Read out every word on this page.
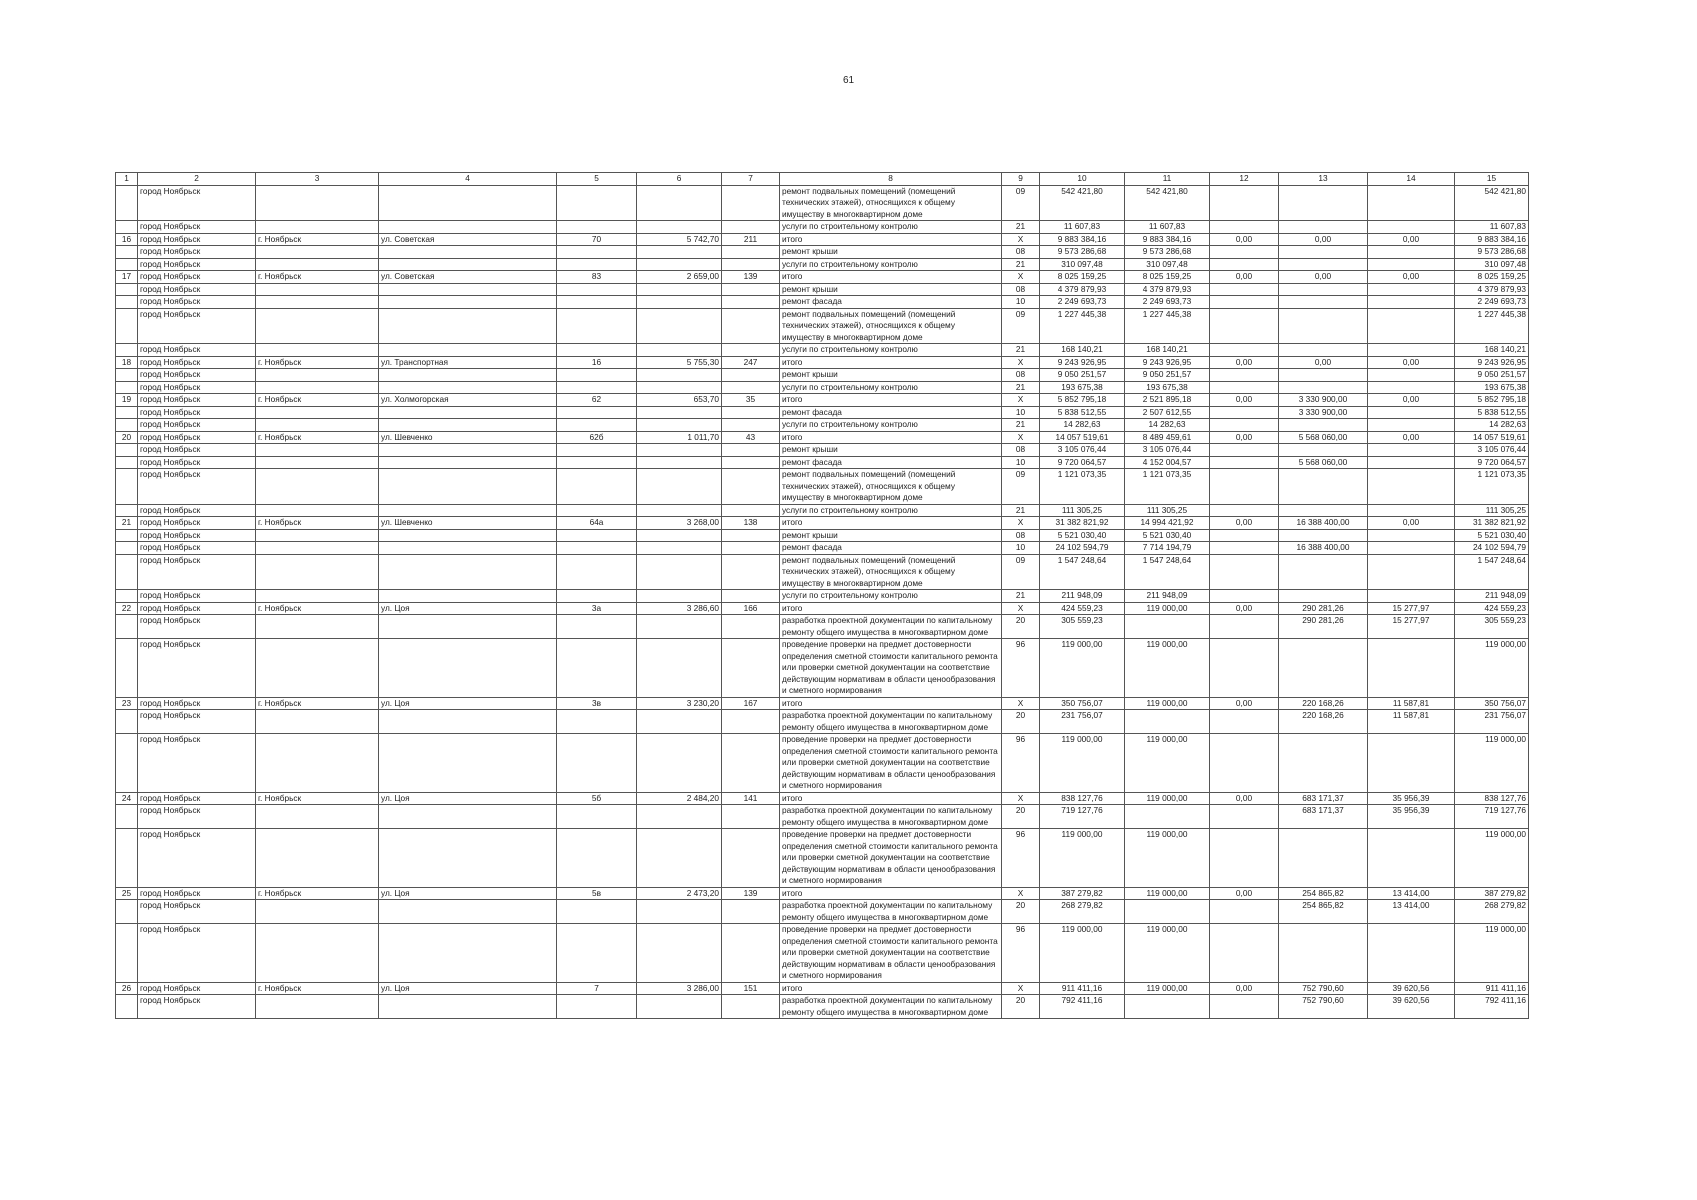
61
1	2	3	4	5	6	7	8	9	10	11	12	13	14	15
	город Ноябрьск						ремонт подвальных помещений (помещений технических этажей), относящихся к общему имуществу в многоквартирном доме	09	542 421,80	542 421,80				542 421,80
	город Ноябрьск						услуги по строительному контролю	21	11 607,83	11 607,83				11 607,83
16	город Ноябрьск	г. Ноябрьск	ул. Советская	70	5 742,70	211	итого	X	9 883 384,16	9 883 384,16	0,00	0,00	0,00	9 883 384,16
	город Ноябрьск						ремонт крыши	08	9 573 286,68	9 573 286,68				9 573 286,68
	город Ноябрьск						услуги по строительному контролю	21	310 097,48	310 097,48				310 097,48
17	город Ноябрьск	г. Ноябрьск	ул. Советская	83	2 659,00	139	итого	X	8 025 159,25	8 025 159,25	0,00	0,00	0,00	8 025 159,25
	город Ноябрьск						ремонт крыши	08	4 379 879,93	4 379 879,93				4 379 879,93
	город Ноябрьск						ремонт фасада	10	2 249 693,73	2 249 693,73				2 249 693,73
	город Ноябрьск						ремонт подвальных помещений (помещений технических этажей), относящихся к общему имуществу в многоквартирном доме	09	1 227 445,38	1 227 445,38				1 227 445,38
	город Ноябрьск						услуги по строительному контролю	21	168 140,21	168 140,21				168 140,21
18	город Ноябрьск	г. Ноябрьск	ул. Транспортная	16	5 755,30	247	итого	X	9 243 926,95	9 243 926,95	0,00	0,00	0,00	9 243 926,95
	город Ноябрьск						ремонт крыши	08	9 050 251,57	9 050 251,57				9 050 251,57
	город Ноябрьск						услуги по строительному контролю	21	193 675,38	193 675,38				193 675,38
19	город Ноябрьск	г. Ноябрьск	ул. Холмогорская	62	653,70	35	итого	X	5 852 795,18	2 521 895,18	0,00	3 330 900,00	0,00	5 852 795,18
	город Ноябрьск						ремонт фасада	10	5 838 512,55	2 507 612,55		3 330 900,00		5 838 512,55
	город Ноябрьск						услуги по строительному контролю	21	14 282,63	14 282,63				14 282,63
20	город Ноябрьск	г. Ноябрьск	ул. Шевченко	62б	1 011,70	43	итого	X	14 057 519,61	8 489 459,61	0,00	5 568 060,00	0,00	14 057 519,61
	город Ноябрьск						ремонт крыши	08	3 105 076,44	3 105 076,44				3 105 076,44
	город Ноябрьск						ремонт фасада	10	9 720 064,57	4 152 004,57		5 568 060,00		9 720 064,57
	город Ноябрьск						ремонт подвальных помещений (помещений технических этажей), относящихся к общему имуществу в многоквартирном доме	09	1 121 073,35	1 121 073,35				1 121 073,35
	город Ноябрьск						услуги по строительному контролю	21	111 305,25	111 305,25				111 305,25
21	город Ноябрьск	г. Ноябрьск	ул. Шевченко	64а	3 268,00	138	итого	X	31 382 821,92	14 994 421,92	0,00	16 388 400,00	0,00	31 382 821,92
	город Ноябрьск						ремонт крыши	08	5 521 030,40	5 521 030,40				5 521 030,40
	город Ноябрьск						ремонт фасада	10	24 102 594,79	7 714 194,79		16 388 400,00		24 102 594,79
	город Ноябрьск						ремонт подвальных помещений (помещений технических этажей), относящихся к общему имуществу в многоквартирном доме	09	1 547 248,64	1 547 248,64				1 547 248,64
	город Ноябрьск						услуги по строительному контролю	21	211 948,09	211 948,09				211 948,09
22	город Ноябрьск	г. Ноябрьск	ул. Цоя	3а	3 286,60	166	итого	X	424 559,23	119 000,00	0,00	290 281,26	15 277,97	424 559,23
	город Ноябрьск						разработка проектной документации по капитальному ремонту общего имущества в многоквартирном доме	20	305 559,23			290 281,26	15 277,97	305 559,23
	город Ноябрьск						проведение проверки на предмет достоверности определения сметной стоимости капитального ремонта или проверки сметной документации на соответствие действующим нормативам в области ценообразования и сметного нормирования	96	119 000,00	119 000,00				119 000,00
23	город Ноябрьск	г. Ноябрьск	ул. Цоя	3в	3 230,20	167	итого	X	350 756,07	119 000,00	0,00	220 168,26	11 587,81	350 756,07
	город Ноябрьск						разработка проектной документации по капитальному ремонту общего имущества в многоквартирном доме	20	231 756,07			220 168,26	11 587,81	231 756,07
	город Ноябрьск						проведение проверки на предмет достоверности определения сметной стоимости капитального ремонта или проверки сметной документации на соответствие действующим нормативам в области ценообразования и сметного нормирования	96	119 000,00	119 000,00				119 000,00
24	город Ноябрьск	г. Ноябрьск	ул. Цоя	5б	2 484,20	141	итого	X	838 127,76	119 000,00	0,00	683 171,37	35 956,39	838 127,76
	город Ноябрьск						разработка проектной документации по капитальному ремонту общего имущества в многоквартирном доме	20	719 127,76			683 171,37	35 956,39	719 127,76
	город Ноябрьск						проведение проверки на предмет достоверности определения сметной стоимости капитального ремонта или проверки сметной документации на соответствие действующим нормативам в области ценообразования и сметного нормирования	96	119 000,00	119 000,00				119 000,00
25	город Ноябрьск	г. Ноябрьск	ул. Цоя	5в	2 473,20	139	итого	X	387 279,82	119 000,00	0,00	254 865,82	13 414,00	387 279,82
	город Ноябрьск						разработка проектной документации по капитальному ремонту общего имущества в многоквартирном доме	20	268 279,82			254 865,82	13 414,00	268 279,82
	город Ноябрьск						проведение проверки на предмет достоверности определения сметной стоимости капитального ремонта или проверки сметной документации на соответствие действующим нормативам в области ценообразования и сметного нормирования	96	119 000,00	119 000,00				119 000,00
26	город Ноябрьск	г. Ноябрьск	ул. Цоя	7	3 286,00	151	итого	X	911 411,16	119 000,00	0,00	752 790,60	39 620,56	911 411,16
	город Ноябрьск						разработка проектной документации по капитальному ремонту общего имущества в многоквартирном доме	20	792 411,16			752 790,60	39 620,56	792 411,16
